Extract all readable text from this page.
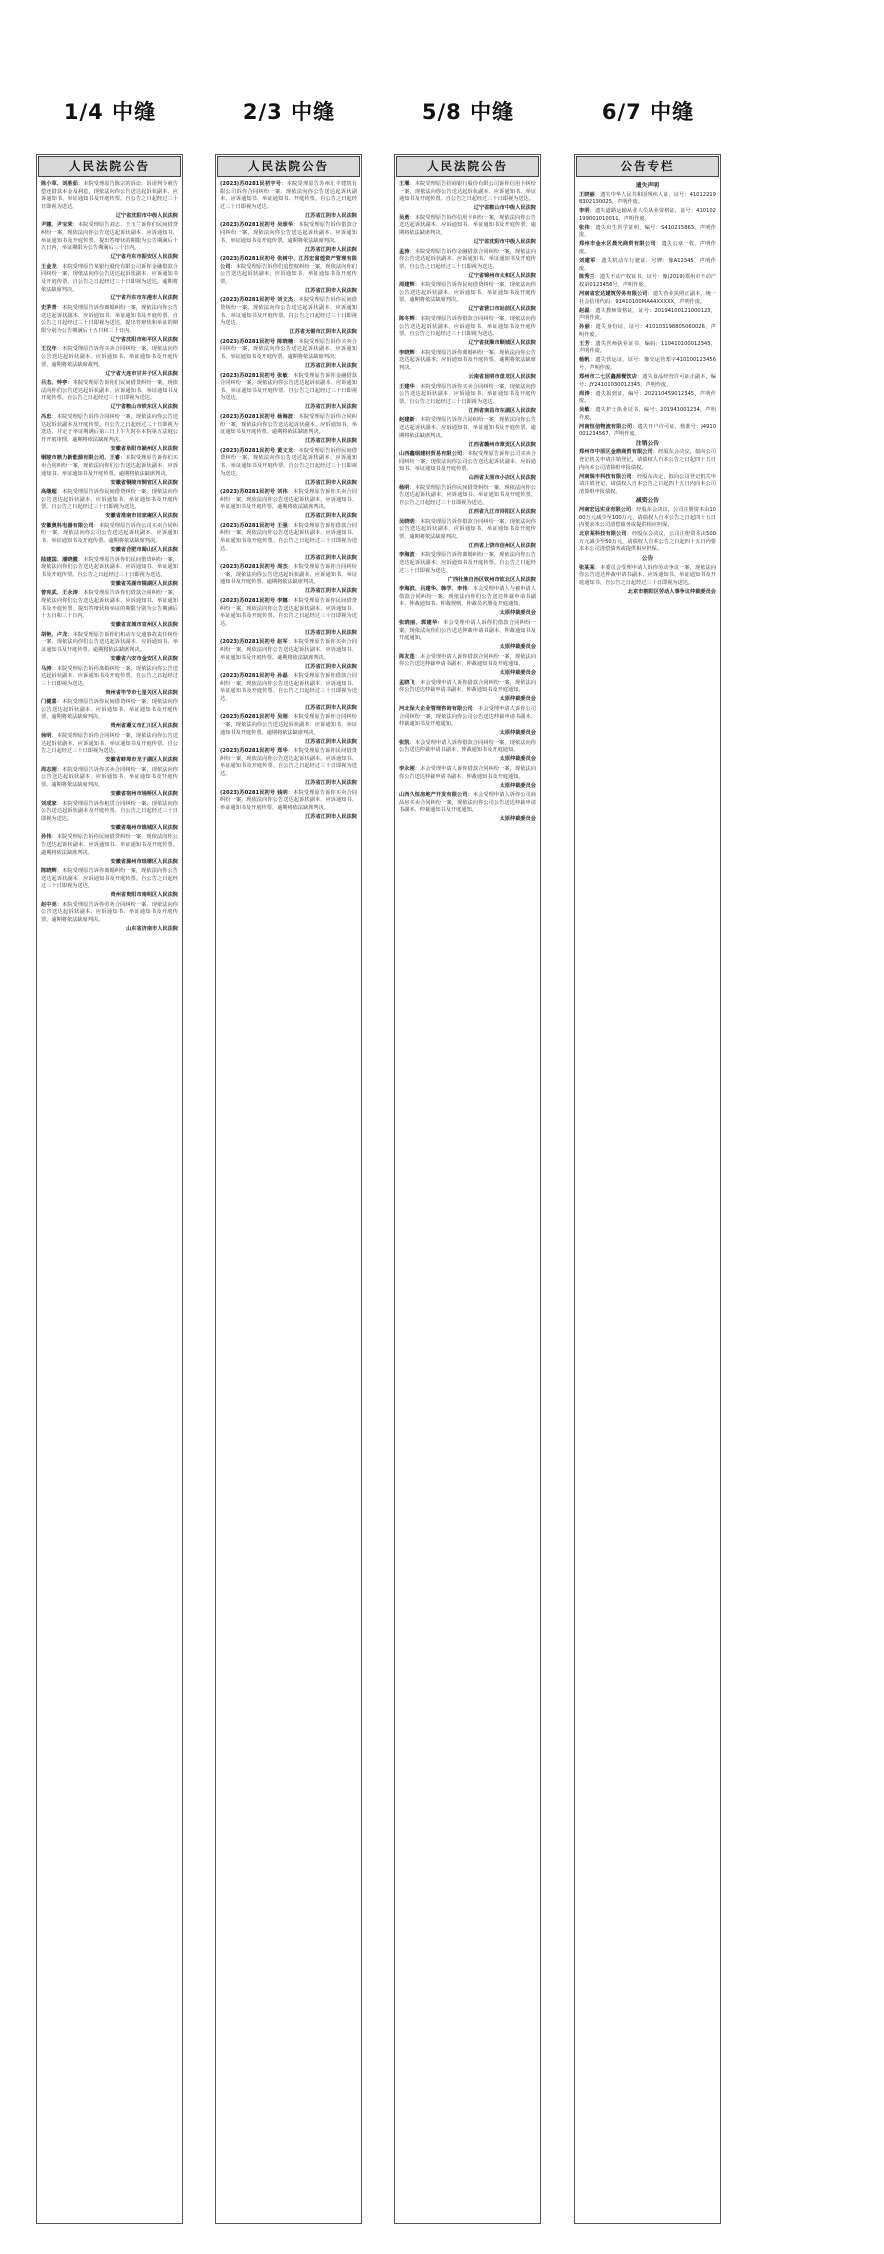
1/4 中缝	2/3 中缝	5/8 中缝	6/7 中缝
人民法院公告

陈小草、刘胜茹：本院受理原告陈宗的诉讼，诉请判令被告偿还借款本金及利息，现依法向你公告送达起诉状副本、应诉通知书、举证通知书及开庭传票。自公告之日起经过三十日即视为送达。

辽宁省沈阳市中级人民法院

尹娜、尹宝荣：本院受理原告刘志、王玉兰诉你们民间借贷纠纷一案，现依法向你公告送达起诉状副本、应诉通知书、举证通知书及开庭传票。提出答辩状的期限为公告期满后十五日内，举证期限为公告期满后三十日内。

辽宁省丹东市振安区人民法院

王金龙：本院受理原告某银行股份有限公司诉你金融借款合同纠纷一案，现依法向你公告送达起诉状副本、应诉通知书及开庭传票。自公告之日起经过三十日即视为送达。逾期将依法缺席判决。

辽宁省丹东市东港市人民法院

史茅青：本院受理原告诉你离婚纠纷一案，现依法向你公告送达起诉状副本、应诉通知书、举证通知书及开庭传票。自公告之日起经过三十日即视为送达，提出答辩状和举证的期限分别为公告期满后十五日和三十日内。

辽宁省沈阳市和平区人民法院

王汉年：本院受理原告诉你买卖合同纠纷一案，现依法向你公告送达起诉状副本、应诉通知书、举证通知书及开庭传票。逾期将依法缺席裁判。

辽宁省大连市甘井子区人民法院

吕杰、钟亭：本院受理原告诉你们民间借贷纠纷一案，现依法向你们公告送达起诉状副本、应诉通知书、举证通知书及开庭传票。自公告之日起经过三十日即视为送达。

辽宁省鞍山市铁东区人民法院

冯忠：本院受理原告诉你合同纠纷一案，现依法向你公告送达起诉状副本及开庭传票。自公告之日起经过三十日即视为送达，并定于举证期满后第三日上午九时在本院第五法庭公开开庭审理，逾期将依法缺席判决。

安徽省阜阳市颍州区人民法院

铜陵市鼎力新能源有限公司、王睿：本院受理原告诉你们买卖合同纠纷一案，现依法向你们公告送达起诉状副本、应诉通知书、举证通知书及开庭传票。逾期将依法缺席判决。

安徽省铜陵市铜官区人民法院

高继超：本院受理原告诉你民间借贷纠纷一案，现依法向你公告送达起诉状副本、应诉通知书、举证通知书及开庭传票。自公告之日起经过三十日即视为送达。

安徽省淮南市田家庵区人民法院

安徽奥科电器有限公司：本院受理原告诉你公司买卖合同纠纷一案，现依法向你公司公告送达起诉状副本、应诉通知书、举证通知书及开庭传票。逾期将依法缺席判决。

安徽省合肥市蜀山区人民法院

陆建国、潘晓霞：本院受理原告诉你们民间借贷纠纷一案，现依法向你们公告送达起诉状副本、应诉通知书、举证通知书及开庭传票。自公告之日起经过三十日即视为送达。

安徽省芜湖市镜湖区人民法院

曾宪武、王永涛：本院受理原告诉你们借款合同纠纷一案，现依法向你们公告送达起诉状副本、应诉通知书、举证通知书及开庭传票。提出答辩状和举证的期限分别为公告期满后十五日和三十日内。

安徽省宣城市宣州区人民法院

胡艳、卢龙：本院受理原告诉你们机动车交通事故责任纠纷一案，现依法向你们公告送达起诉状副本、应诉通知书、举证通知书及开庭传票。逾期将依法缺席判决。

安徽省六安市金安区人民法院

马涛：本院受理原告诉你离婚纠纷一案，现依法向你公告送达起诉状副本、应诉通知书及开庭传票。自公告之日起经过三十日即视为送达。

贵州省毕节市七星关区人民法院

门健喜：本院受理原告诉你民间借贷纠纷一案，现依法向你公告送达起诉状副本、应诉通知书、举证通知书及开庭传票。逾期将依法缺席判决。

贵州省遵义市汇川区人民法院

徐明：本院受理原告诉你合同纠纷一案，现依法向你公告送达起诉状副本、应诉通知书、举证通知书及开庭传票。自公告之日起经过三十日即视为送达。

安徽省蚌埠市龙子湖区人民法院

周志刚：本院受理原告诉你买卖合同纠纷一案，现依法向你公告送达起诉状副本、应诉通知书、举证通知书及开庭传票。逾期将依法缺席判决。

安徽省宿州市埇桥区人民法院

刘成家：本院受理原告诉你租赁合同纠纷一案，现依法向你公告送达起诉状副本及开庭传票。自公告之日起经过三十日即视为送达。

安徽省亳州市谯城区人民法院

孙伟：本院受理原告诉你民间借贷纠纷一案，现依法向你公告送达起诉状副本、应诉通知书、举证通知书及开庭传票。逾期将依法缺席判决。

安徽省滁州市琅琊区人民法院

陈晓辉：本院受理原告诉你离婚纠纷一案，现依法向你公告送达起诉状副本、应诉通知书及开庭传票。自公告之日起经过三十日即视为送达。

贵州省贵阳市南明区人民法院

赵中亮：本院受理原告诉你劳务合同纠纷一案，现依法向你公告送达起诉状副本、应诉通知书、举证通知书及开庭传票。逾期将依法缺席判决。

山东省济南市人民法院

人民法院公告

(2023)苏0281民初字号：本院受理原告苏州汇丰建筑有限公司诉你合同纠纷一案，现依法向你公告送达起诉状副本、应诉通知书、举证通知书、开庭传票。自公告之日起经过三十日即视为送达。

江苏省江阴市人民法院

(2023)苏0281民初号 吴颂华：本院受理原告诉你借款合同纠纷一案，现依法向你公告送达起诉状副本、应诉通知书、举证通知书及开庭传票。逾期将依法缺席判决。

江苏省江阴市人民法院

(2023)苏0281民初号 张树中、江苏宏富煌资产管理有限公司：本院受理原告诉你们追偿权纠纷一案，现依法向你们公告送达起诉状副本、应诉通知书、举证通知书及开庭传票。

江苏省江阴市人民法院

(2023)苏0281民初号 刘文杰：本院受理原告诉你民间借贷纠纷一案，现依法向你公告送达起诉状副本、应诉通知书、举证通知书及开庭传票。自公告之日起经过三十日即视为送达。

江苏省无锡市江阴市人民法院

(2023)苏0281民初号 陈晓楠：本院受理原告诉你买卖合同纠纷一案，现依法向你公告送达起诉状副本、应诉通知书、举证通知书及开庭传票。逾期将依法缺席判决。

江苏省江阴市人民法院

(2023)苏0281民初号 张敏：本院受理原告诉你金融借款合同纠纷一案，现依法向你公告送达起诉状副本、应诉通知书、举证通知书及开庭传票。自公告之日起经过三十日即视为送达。

江苏省江阴市人民法院

(2023)苏0281民初号 杨海波：本院受理原告诉你合同纠纷一案，现依法向你公告送达起诉状副本、应诉通知书、举证通知书及开庭传票。逾期将依法缺席判决。

江苏省江阴市人民法院

(2023)苏0281民初号 黄文龙：本院受理原告诉你民间借贷纠纷一案，现依法向你公告送达起诉状副本、应诉通知书、举证通知书及开庭传票。自公告之日起经过三十日即视为送达。

江苏省江阴市人民法院

(2023)苏0281民初号 刘伟：本院受理原告诉你买卖合同纠纷一案，现依法向你公告送达起诉状副本、应诉通知书、举证通知书及开庭传票。逾期将依法缺席判决。

江苏省江阴市人民法院

(2023)苏0281民初号 王强：本院受理原告诉你借款合同纠纷一案，现依法向你公告送达起诉状副本、应诉通知书、举证通知书及开庭传票。自公告之日起经过三十日即视为送达。

江苏省江阴市人民法院

(2023)苏0281民初号 周杰：本院受理原告诉你合同纠纷一案，现依法向你公告送达起诉状副本、应诉通知书、举证通知书及开庭传票。逾期将依法缺席判决。

江苏省江阴市人民法院

(2023)苏0281民初号 李娜：本院受理原告诉你民间借贷纠纷一案，现依法向你公告送达起诉状副本、应诉通知书、举证通知书及开庭传票。自公告之日起经过三十日即视为送达。

江苏省江阴市人民法院

(2023)苏0281民初号 赵军：本院受理原告诉你买卖合同纠纷一案，现依法向你公告送达起诉状副本、应诉通知书、举证通知书及开庭传票。逾期将依法缺席判决。

江苏省江阴市人民法院

(2023)苏0281民初号 孙磊：本院受理原告诉你借款合同纠纷一案，现依法向你公告送达起诉状副本、应诉通知书、举证通知书及开庭传票。自公告之日起经过三十日即视为送达。

江苏省江阴市人民法院

(2023)苏0281民初号 吴刚：本院受理原告诉你合同纠纷一案，现依法向你公告送达起诉状副本、应诉通知书、举证通知书及开庭传票。逾期将依法缺席判决。

江苏省江阴市人民法院

(2023)苏0281民初号 郑华：本院受理原告诉你民间借贷纠纷一案，现依法向你公告送达起诉状副本、应诉通知书、举证通知书及开庭传票。自公告之日起经过三十日即视为送达。

江苏省江阴市人民法院

(2023)苏0281民初号 钱明：本院受理原告诉你买卖合同纠纷一案，现依法向你公告送达起诉状副本、应诉通知书、举证通知书及开庭传票。逾期将依法缺席判决。

江苏省江阴市人民法院

人民法院公告

王堰：本院受理原告招商银行股份有限公司诉你信用卡纠纷一案，现依法向你公告送达起诉状副本、应诉通知书、举证通知书及开庭传票。自公告之日起经过三十日即视为送达。

辽宁省鞍山市中级人民法院

吴勇：本院受理原告诉你信用卡纠纷一案，现依法向你公告送达起诉状副本、应诉通知书、举证通知书及开庭传票。逾期将依法缺席判决。

辽宁省沈阳市中级人民法院

孟涛：本院受理原告诉你金融借款合同纠纷一案，现依法向你公告送达起诉状副本、应诉通知书、举证通知书及开庭传票。自公告之日起经过三十日即视为送达。

辽宁省锦州市太和区人民法院

周建辉：本院受理原告诉你民间借贷纠纷一案，现依法向你公告送达起诉状副本、应诉通知书、举证通知书及开庭传票。逾期将依法缺席判决。

辽宁省营口市站前区人民法院

陈冬辉：本院受理原告诉你借款合同纠纷一案，现依法向你公告送达起诉状副本、应诉通知书、举证通知书及开庭传票。自公告之日起经过三十日即视为送达。

辽宁省抚顺市顺城区人民法院

李晓辉：本院受理原告诉你离婚纠纷一案，现依法向你公告送达起诉状副本、应诉通知书及开庭传票。逾期将依法缺席判决。

云南省昆明市盘龙区人民法院

王建华：本院受理原告诉你买卖合同纠纷一案，现依法向你公告送达起诉状副本、应诉通知书、举证通知书及开庭传票。自公告之日起经过三十日即视为送达。

江西省南昌市东湖区人民法院

赵建新：本院受理原告诉你合同纠纷一案，现依法向你公告送达起诉状副本、应诉通知书、举证通知书及开庭传票。逾期将依法缺席判决。

江西省赣州市章贡区人民法院

山西鑫瑞建材贸易有限公司：本院受理原告诉你公司买卖合同纠纷一案，现依法向你公司公告送达起诉状副本、应诉通知书、举证通知书及开庭传票。

山西省太原市小店区人民法院

杨明：本院受理原告诉你民间借贷纠纷一案，现依法向你公告送达起诉状副本、应诉通知书、举证通知书及开庭传票。自公告之日起经过三十日即视为送达。

江西省九江市浔阳区人民法院

吴晓明：本院受理原告诉你借款合同纠纷一案，现依法向你公告送达起诉状副本、应诉通知书、举证通知书及开庭传票。逾期将依法缺席判决。

江西省上饶市信州区人民法院

李海波：本院受理原告诉你离婚纠纷一案，现依法向你公告送达起诉状副本、应诉通知书及开庭传票。自公告之日起经过三十日即视为送达。

广西壮族自治区钦州市钦北区人民法院

李海滨、吕建华、韩学、李伟：本会受理申请人与被申请人借款合同纠纷一案，现依法向你们公告送达仲裁申请书副本、仲裁通知书、仲裁规则、仲裁员名册及开庭通知。

太原仲裁委员会

张晓丽、郭建华：本会受理申请人诉你们借款合同纠纷一案，现依法向你们公告送达仲裁申请书副本、仲裁通知书及开庭通知。

太原仲裁委员会

陈友莲：本会受理申请人诉你借款合同纠纷一案，现依法向你公告送达仲裁申请书副本、仲裁通知书及开庭通知。

太原仲裁委员会

孟晓飞：本会受理申请人诉你借款合同纠纷一案，现依法向你公告送达仲裁申请书副本、仲裁通知书及开庭通知。

太原仲裁委员会

河北保大企业管理咨询有限公司：本会受理申请人诉你公司合同纠纷一案，现依法向你公司公告送达仲裁申请书副本、仲裁通知书及开庭通知。

太原仲裁委员会

张凯：本会受理申请人诉你借款合同纠纷一案，现依法向你公告送达仲裁申请书副本、仲裁通知书及开庭通知。

太原仲裁委员会

李永刚：本会受理申请人诉你借款合同纠纷一案，现依法向你公告送达仲裁申请书副本、仲裁通知书及开庭通知。

太原仲裁委员会

山西久恒房地产开发有限公司：本会受理申请人诉你公司商品房买卖合同纠纷一案，现依法向你公司公告送达仲裁申请书副本、仲裁通知书及开庭通知。

太原仲裁委员会

公告专栏

遗失声明

王晓丽：遗失中华人民共和国残疾人证，证号：410122198302130025，声明作废。

李明：遗失道路运输从业人员从业资格证，证号：410102199001010011，声明作废。

张伟：遗失出生医学证明，编号：S410215863，声明作废。

郑州市金水区晨光商贸有限公司：遗失公章一枚，声明作废。

刘建军：遗失机动车行驶证，号牌：豫A12345，声明作废。

陈秀兰：遗失不动产权证书，证号：豫(2019)郑州市不动产权第0123456号，声明作废。

河南省宏达建筑劳务有限公司：遗失营业执照正副本，统一社会信用代码：91410100MA44XXXXX，声明作废。

赵磊：遗失教师资格证，证号：20194100121000123，声明作废。

孙丽：遗失身份证，证号：410103198805060026，声明作废。

王芳：遗失医师执业证书，编码：110410100012345，声明作废。

杨帆：遗失营运证，证号：豫交运管郑字410100123456号，声明作废。

郑州市二七区鑫源餐饮店：遗失食品经营许可证正副本，编号：JY24101030012345，声明作废。

周涛：遗失报到证，编号：202110459012345，声明作废。

吴敏：遗失护士执业证书，编号：201941001234，声明作废。

河南恒信物流有限公司：遗失开户许可证，核准号：J4910001234567，声明作废。

注销公告

郑州市中原区金鼎商贸有限公司：经股东会决议，拟向公司登记机关申请注销登记，请债权人自本公告之日起四十五日内向本公司清算组申报债权。

河南瑞丰科技有限公司：经股东决定，拟向公司登记机关申请注销登记，请债权人自本公告之日起四十五日内向本公司清算组申报债权。

减资公告

河南宏远实业有限公司：经股东会决议，公司注册资本由1000万元减少至100万元，请债权人自本公告之日起四十五日内要求本公司清偿债务或提供相应担保。

北京某科技有限公司：经股东会决议，公司注册资本由500万元减少至50万元，请债权人自本公告之日起四十五日内要求本公司清偿债务或提供相应担保。

公告

张某某：本委员会受理申请人诉你劳动争议一案，现依法向你公告送达仲裁申请书副本、应诉通知书、举证通知书及开庭通知书。自公告之日起经过三十日即视为送达。

北京市朝阳区劳动人事争议仲裁委员会
